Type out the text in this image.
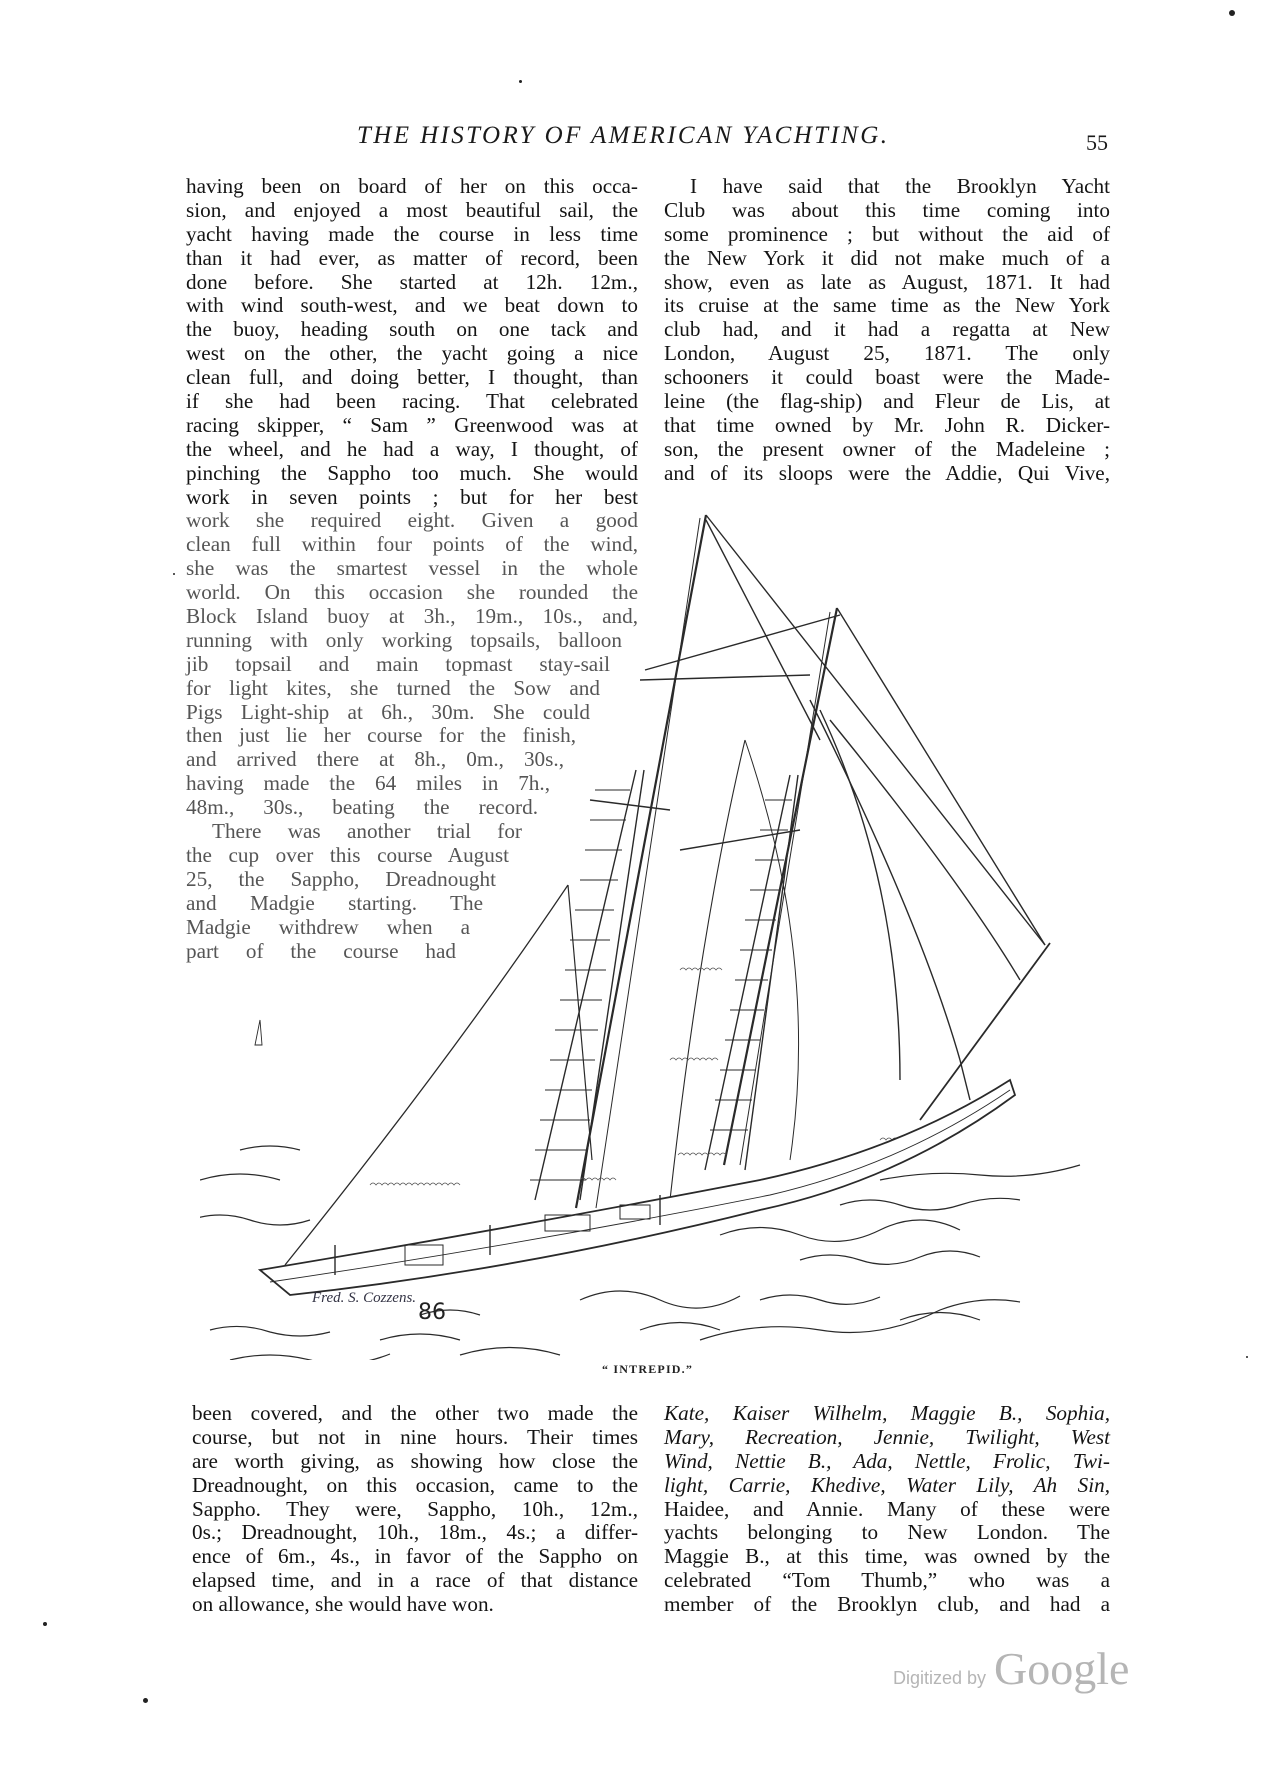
THE HISTORY OF AMERICAN YACHTING.	55
Fred. S. Cozzens.
86
“ INTREPID.”
having been on board of her on this occa-
sion, and enjoyed a most beautiful sail, the
yacht having made the course in less time
than it had ever, as matter of record, been
done before. She started at 12h. 12m.,
with wind south-west, and we beat down to
the buoy, heading south on one tack and
west on the other, the yacht going a nice
clean full, and doing better, I thought, than
if she had been racing. That celebrated
racing skipper, “ Sam ” Greenwood was at
the wheel, and he had a way, I thought, of
pinching the Sappho too much. She would
work in seven points ; but for her best
work she required eight. Given a good
clean full within four points of the wind,
she was the smartest vessel in the whole
world. On this occasion she rounded the
Block Island buoy at 3h., 19m., 10s., and,
running with only working topsails, balloon
jib topsail and main topmast stay-sail
for light kites, she turned the Sow and
Pigs Light-ship at 6h., 30m. She could
then just lie her course for the finish,
and arrived there at 8h., 0m., 30s.,
having made the 64 miles in 7h.,
48m., 30s., beating the record.
There was another trial for
the cup over this course August
25, the Sappho, Dreadnought
and Madgie starting. The
Madgie withdrew when a
part of the course had
I have said that the Brooklyn Yacht
Club was about this time coming into
some prominence ; but without the aid of
the New York it did not make much of a
show, even as late as August, 1871. It had
its cruise at the same time as the New York
club had, and it had a regatta at New
London, August 25, 1871. The only
schooners it could boast were the Made-
leine (the flag-ship) and Fleur de Lis, at
that time owned by Mr. John R. Dicker-
son, the present owner of the Madeleine ;
and of its sloops were the Addie, Qui Vive,
been covered, and the other two made the
course, but not in nine hours. Their times
are worth giving, as showing how close the
Dreadnought, on this occasion, came to the
Sappho. They were, Sappho, 10h., 12m.,
0s.; Dreadnought, 10h., 18m., 4s.; a differ-
ence of 6m., 4s., in favor of the Sappho on
elapsed time, and in a race of that distance
on allowance, she would have won.
Kate, Kaiser Wilhelm, Maggie B., Sophia,
Mary, Recreation, Jennie, Twilight, West
Wind, Nettie B., Ada, Nettle, Frolic, Twi-
light, Carrie, Khedive, Water Lily, Ah Sin,
Haidee, and Annie. Many of these were
yachts belonging to New London. The
Maggie B., at this time, was owned by the
celebrated “Tom Thumb,” who was a
member of the Brooklyn club, and had a
Digitized by Google
